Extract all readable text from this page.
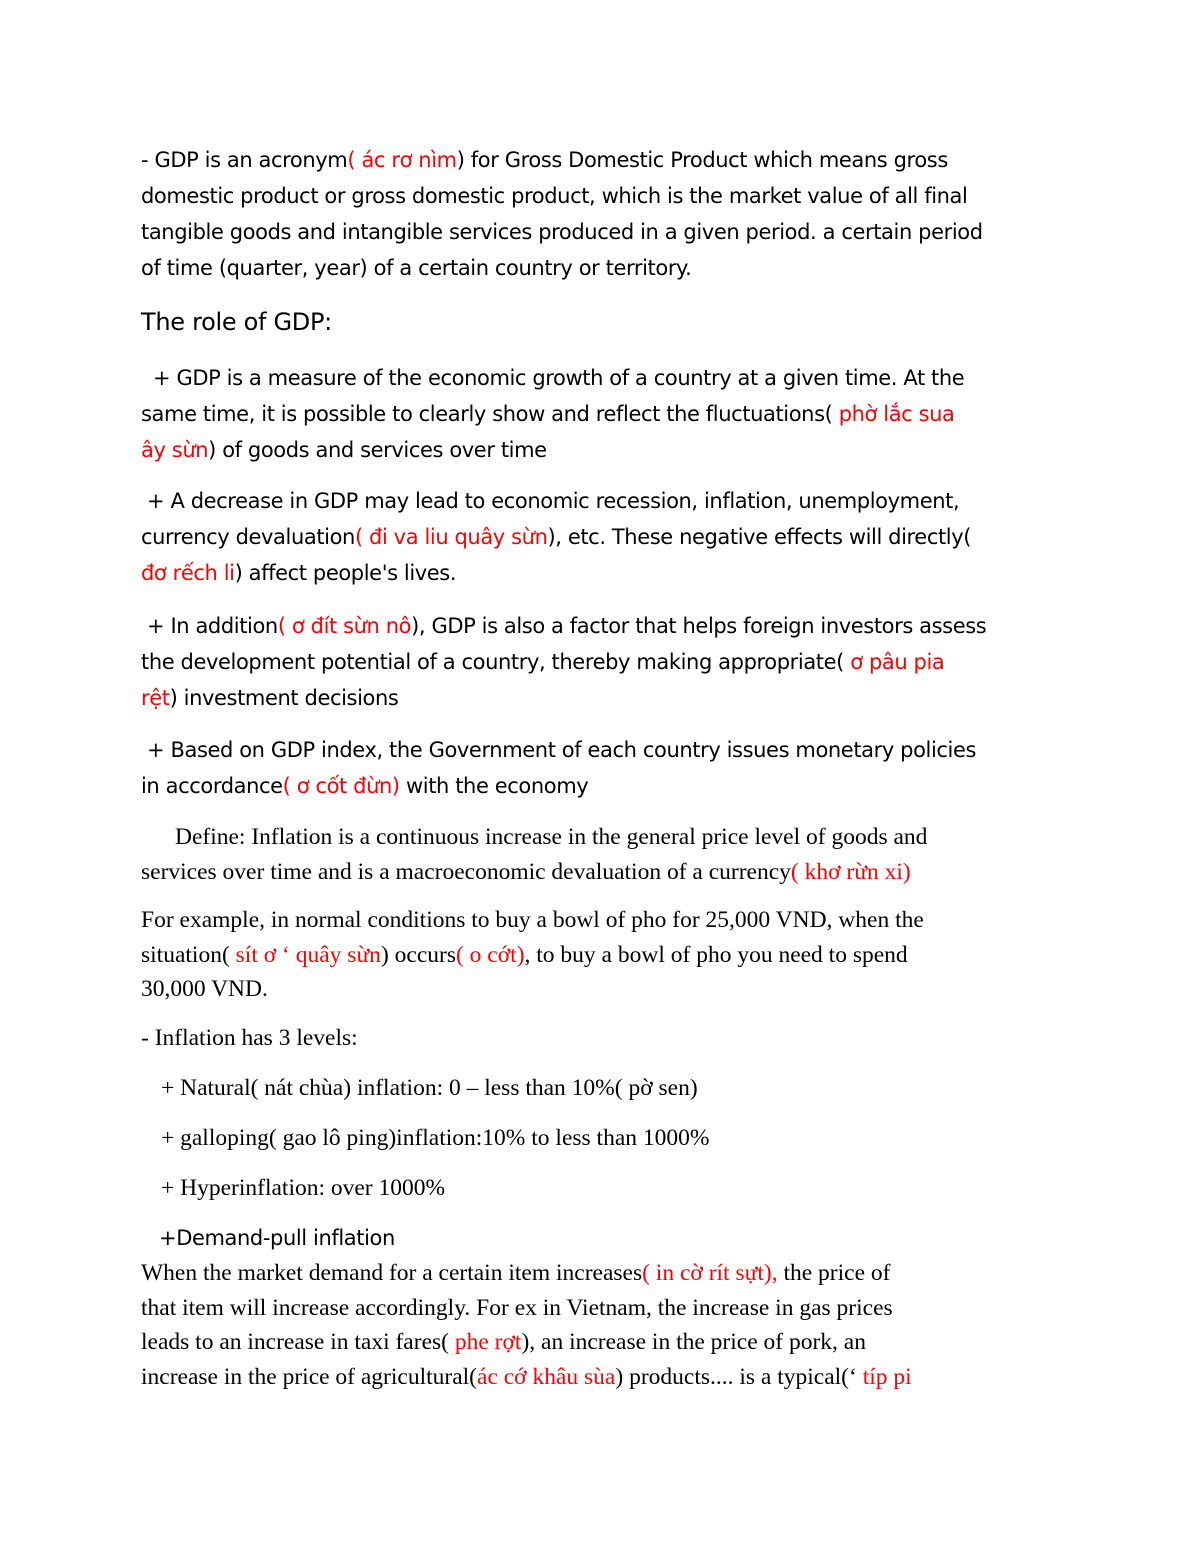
- GDP is an acronym( ác rơ nìm) for Gross Domestic Product which means gross
domestic product or gross domestic product, which is the market value of all final
tangible goods and intangible services produced in a given period. a certain period
of time (quarter, year) of a certain country or territory.
The role of GDP:
+ GDP is a measure of the economic growth of a country at a given time. At the
same time, it is possible to clearly show and reflect the fluctuations( phờ lắc sua
ây sừn) of goods and services over time
+ A decrease in GDP may lead to economic recession, inflation, unemployment,
currency devaluation( đi va liu quây sừn), etc. These negative effects will directly(
đơ rếch li) affect people's lives.
+ In addition( ơ đít sừn nô), GDP is also a factor that helps foreign investors assess
the development potential of a country, thereby making appropriate( ơ pâu pia
rệt) investment decisions
+ Based on GDP index, the Government of each country issues monetary policies
in accordance( ơ cốt đừn) with the economy
Define: Inflation is a continuous increase in the general price level of goods and
services over time and is a macroeconomic devaluation of a currency( khơ rừn xi)
For example, in normal conditions to buy a bowl of pho for 25,000 VND, when the
situation( sít ơ ‘ quây sừn) occurs( o cớt), to buy a bowl of pho you need to spend
30,000 VND.
- Inflation has 3 levels:
+ Natural( nát chùa) inflation: 0 – less than 10%( pờ sen)
+ galloping( gao lô ping)inflation:10% to less than 1000%
+ Hyperinflation: over 1000%
+Demand-pull inflation
When the market demand for a certain item increases( in cờ rít sựt), the price of
that item will increase accordingly. For ex in Vietnam, the increase in gas prices
leads to an increase in taxi fares( phe rợt), an increase in the price of pork, an
increase in the price of agricultural(ác cớ khâu sùa) products.... is a typical(‘ típ pi
